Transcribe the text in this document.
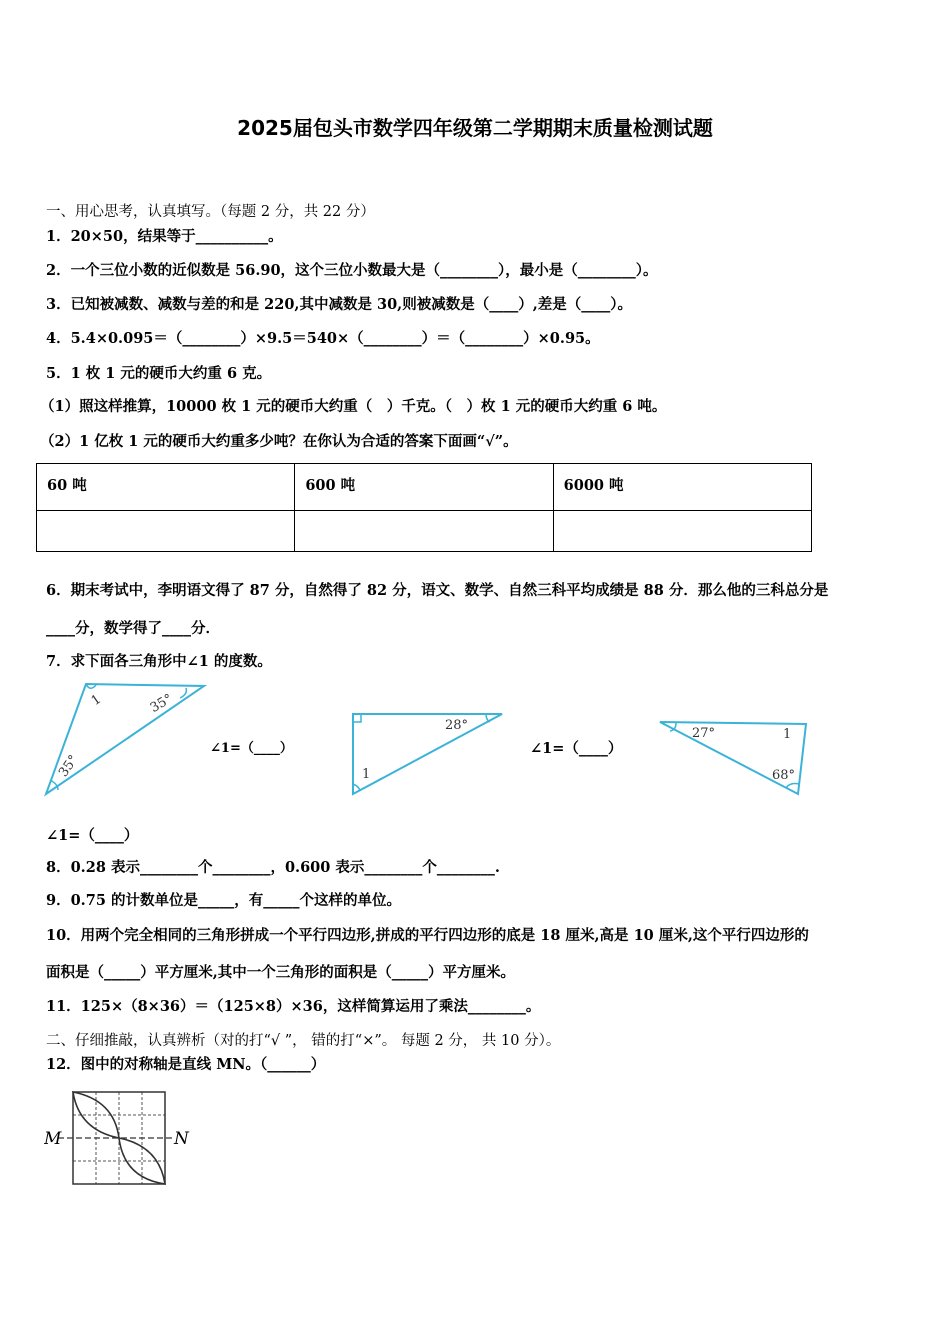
2025届包头市数学四年级第二学期期末质量检测试题
一、用心思考，认真填写。（每题 2 分，共 22 分）
1．20×50，结果等于__________。
2．一个三位小数的近似数是 56.90，这个三位小数最大是（________），最小是（________）。
3．已知被减数、减数与差的和是 220,其中减数是 30,则被减数是（____）,差是（____）。
4．5.4×0.095＝（________）×9.5＝540×（________）＝（________）×0.95。
5．1 枚 1 元的硬币大约重 6 克。
（1）照这样推算，10000 枚 1 元的硬币大约重（　）千克。（　）枚 1 元的硬币大约重 6 吨。
（2）1 亿枚 1 元的硬币大约重多少吨？在你认为合适的答案下面画“√”。
60 吨	600 吨	6000 吨

6．期末考试中，李明语文得了 87 分，自然得了 82 分，语文、数学、自然三科平均成绩是 88 分．那么他的三科总分是
____分，数学得了____分．
7．求下面各三角形中∠1 的度数。
1	35°
35°
∠1=（____）
28°
1
∠1=（____）
27°	1
68°
∠1=（____）
8．0.28 表示________个________，0.600 表示________个________.
9．0.75 的计数单位是_____，有_____个这样的单位。
10．用两个完全相同的三角形拼成一个平行四边形,拼成的平行四边形的底是 18 厘米,高是 10 厘米,这个平行四边形的
面积是（_____）平方厘米,其中一个三角形的面积是（_____）平方厘米。
11．125×（8×36）＝（125×8）×36，这样简算运用了乘法________。
二、仔细推敲，认真辨析（对的打“√ ”， 错的打“×”。 每题 2 分， 共 10 分）。
12．图中的对称轴是直线 MN。（______）
M	N
